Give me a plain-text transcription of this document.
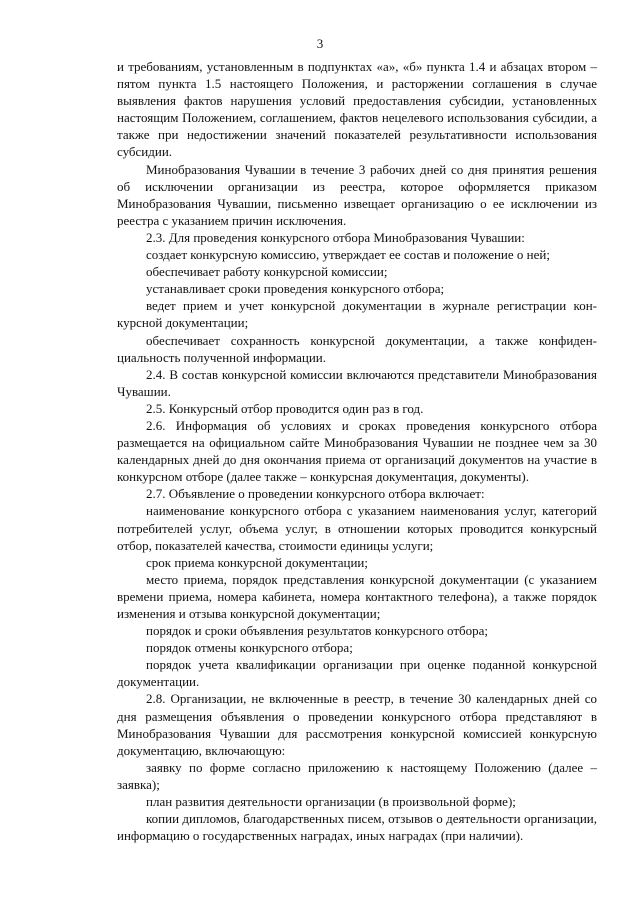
3

и требованиям, установленным в подпунктах «а», «б» пункта 1.4 и абзацах втором – пятом пункта 1.5 настоящего Положения, и расторжении соглашения в случае выявления фактов нарушения условий предоставления субсидии, установленных настоящим Положением, соглашением, фактов нецелевого использования субсидии, а также при недостижении значений показателей результативности использования субсидии.

Минобразования Чувашии в течение 3 рабочих дней со дня принятия решения об исключении организации из реестра, которое оформляется приказом Минобразования Чувашии, письменно извещает организацию о ее исключении из реестра с указанием причин исключения.

2.3. Для проведения конкурсного отбора Минобразования Чувашии:

создает конкурсную комиссию, утверждает ее состав и положение о ней;

обеспечивает работу конкурсной комиссии;

устанавливает сроки проведения конкурсного отбора;

ведет прием и учет конкурсной документации в журнале регистрации конкурсной документации;

обеспечивает сохранность конкурсной документации, а также конфиденциальность полученной информации.

2.4. В состав конкурсной комиссии включаются представители Минобразования Чувашии.

2.5. Конкурсный отбор проводится один раз в год.

2.6. Информация об условиях и сроках проведения конкурсного отбора размещается на официальном сайте Минобразования Чувашии не позднее чем за 30 календарных дней до дня окончания приема от организаций документов на участие в конкурсном отборе (далее также – конкурсная документация, документы).

2.7. Объявление о проведении конкурсного отбора включает:

наименование конкурсного отбора с указанием наименования услуг, категорий потребителей услуг, объема услуг, в отношении которых проводится конкурсный отбор, показателей качества, стоимости единицы услуги;

срок приема конкурсной документации;

место приема, порядок представления конкурсной документации (с указанием времени приема, номера кабинета, номера контактного телефона), а также порядок изменения и отзыва конкурсной документации;

порядок и сроки объявления результатов конкурсного отбора;

порядок отмены конкурсного отбора;

порядок учета квалификации организации при оценке поданной конкурсной документации.

2.8. Организации, не включенные в реестр, в течение 30 календарных дней со дня размещения объявления о проведении конкурсного отбора представляют в Минобразования Чувашии для рассмотрения конкурсной комиссией конкурсную документацию, включающую:

заявку по форме согласно приложению к настоящему Положению (далее – заявка);

план развития деятельности организации (в произвольной форме);

копии дипломов, благодарственных писем, отзывов о деятельности организации, информацию о государственных наградах, иных наградах (при наличии).
